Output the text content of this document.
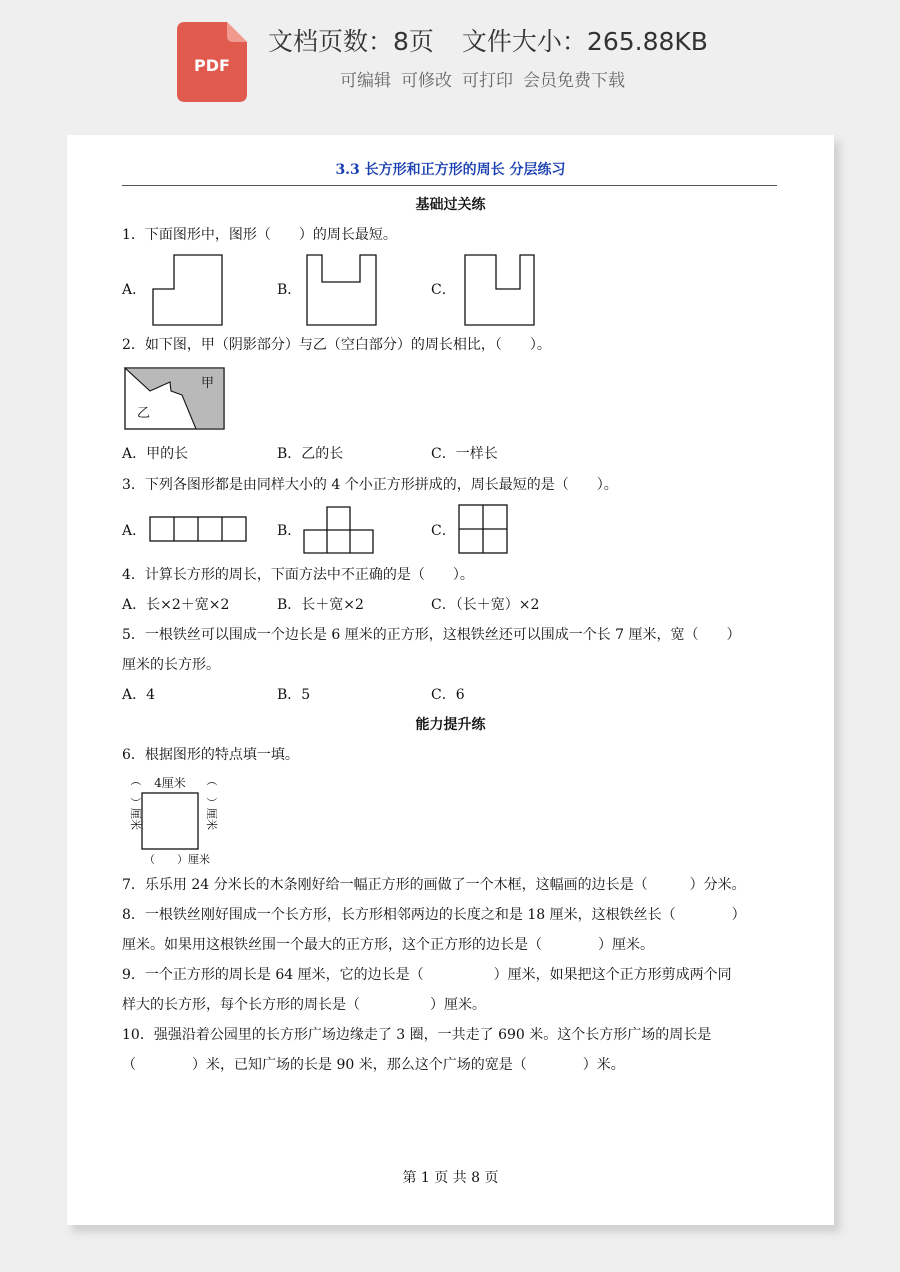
PDF
文档页数：8页 文件大小：265.88KB
可编辑 可修改 可打印 会员免费下载
3.3 长方形和正方形的周长 分层练习
基础过关练
1．下面图形中，图形（　　）的周长最短。
A．	B．	C．
2．如下图，甲（阴影部分）与乙（空白部分）的周长相比，（　　）。
甲
乙
A．甲的长	B．乙的长	C．一样长
3．下列各图形都是由同样大小的 4 个小正方形拼成的，周长最短的是（　　）。
A．	B．	C．
4．计算长方形的周长，下面方法中不正确的是（　　）。
A．长×2＋宽×2	B．长＋宽×2	C．（长＋宽）×2
5．一根铁丝可以围成一个边长是 6 厘米的正方形，这根铁丝还可以围成一个长 7 厘米，宽（　　）
厘米的长方形。
A．4	B．5	C．6
能力提升练
6．根据图形的特点填一填。
4厘米
（　）厘米	（　）厘米
（　　）厘米
7．乐乐用 24 分米长的木条刚好给一幅正方形的画做了一个木框，这幅画的边长是（　　　）分米。
8．一根铁丝刚好围成一个长方形，长方形相邻两边的长度之和是 18 厘米，这根铁丝长（　　　　）
厘米。如果用这根铁丝围一个最大的正方形，这个正方形的边长是（　　　　）厘米。
9．一个正方形的周长是 64 厘米，它的边长是（　　　　　）厘米，如果把这个正方形剪成两个同
样大的长方形，每个长方形的周长是（　　　　　）厘米。
10．强强沿着公园里的长方形广场边缘走了 3 圈，一共走了 690 米。这个长方形广场的周长是
（　　　　）米，已知广场的长是 90 米，那么这个广场的宽是（　　　　）米。
第 1 页 共 8 页
